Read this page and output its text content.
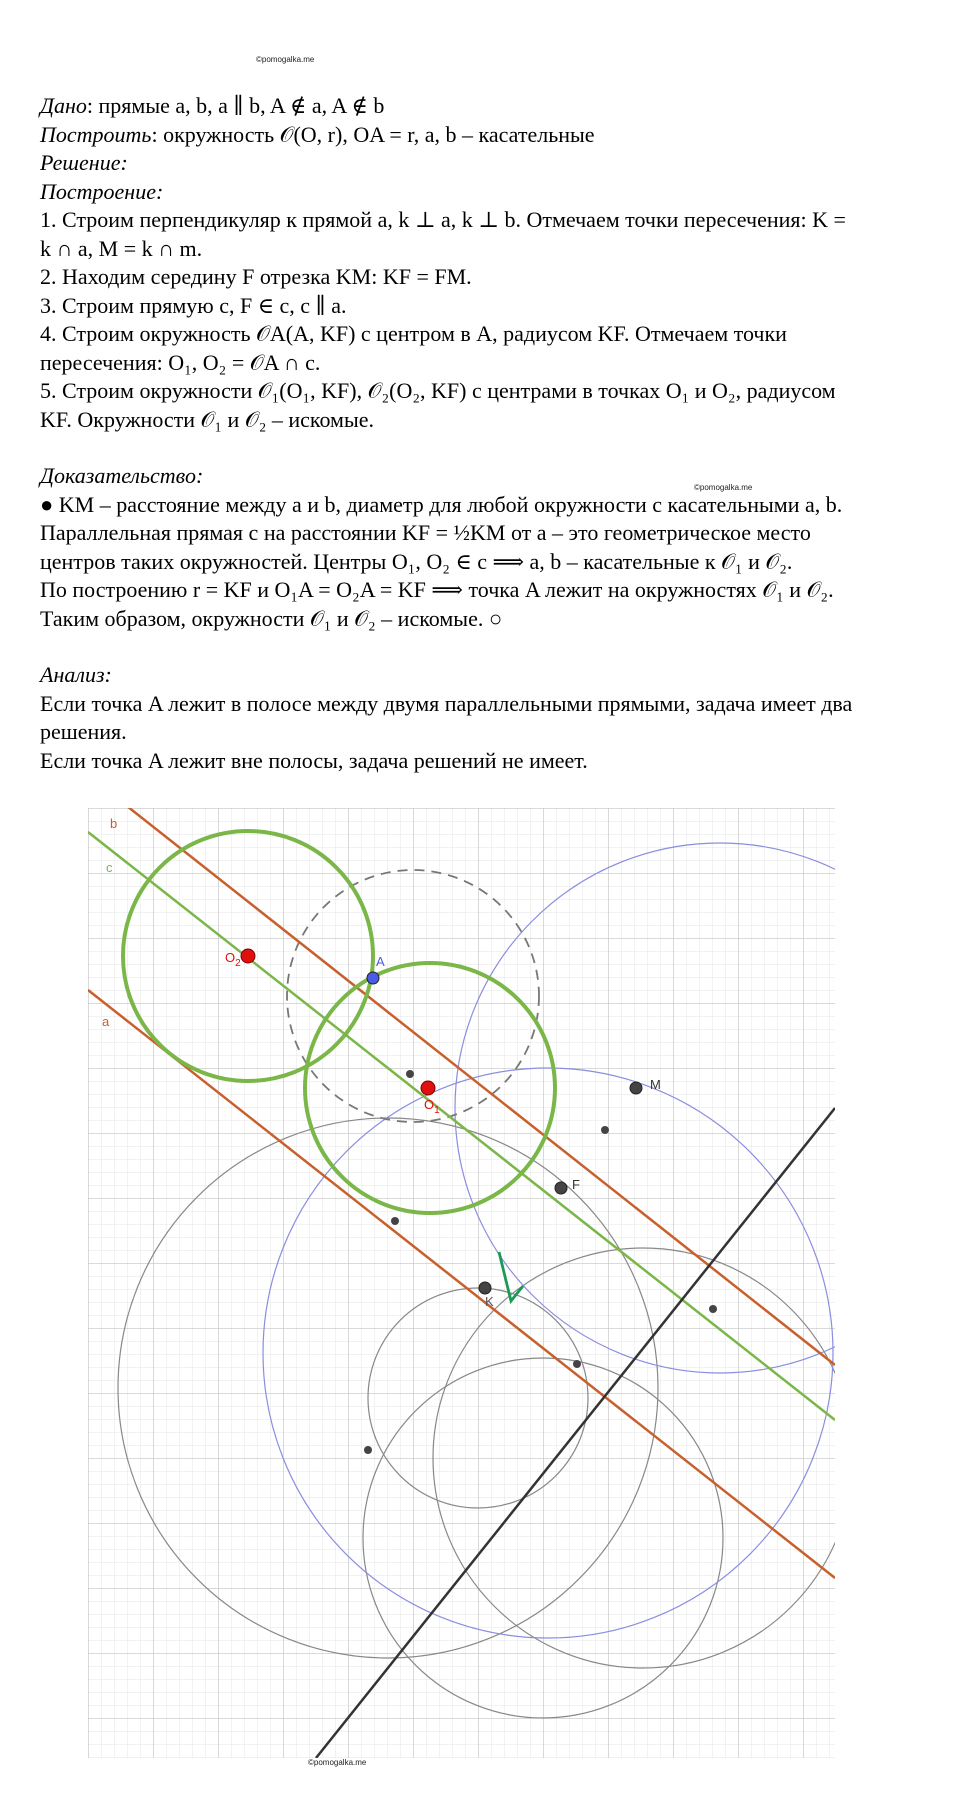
©pomogalka.me
©pomogalka.me
©pomogalka.me

Дано: прямые a, b, a ∥ b, A ∉ a, A ∉ b

Построить: окружность 𝒪(O, r), OA = r, a, b – касательные

Решение:

Построение:

1. Строим перпендикуляр к прямой a, k ⊥ a, k ⊥ b. Отмечаем точки пересечения: K =

k ∩ a, M = k ∩ m.

2. Находим середину F отрезка KM: KF = FM.

3. Строим прямую c, F ∈ c, c ∥ a.

4. Строим окружность 𝒪A(A, KF) с центром в A, радиусом KF. Отмечаем точки

пересечения: O₁, O₂ = 𝒪A ∩ c.

5. Строим окружности 𝒪₁(O₁, KF), 𝒪₂(O₂, KF) с центрами в точках O₁ и O₂, радиусом

KF. Окружности 𝒪₁ и 𝒪₂ – искомые.

Доказательство:

● KM – расстояние между a и b, диаметр для любой окружности с касательными a, b.

Параллельная прямая c на расстоянии KF = ½KM от a – это геометрическое место

центров таких окружностей. Центры O₁, O₂ ∈ c ⟹ a, b – касательные к 𝒪₁ и 𝒪₂.

По построению r = KF и O₁A = O₂A = KF ⟹ точка A лежит на окружностях 𝒪₁ и 𝒪₂.

Таким образом, окружности 𝒪₁ и 𝒪₂ – искомые. ○

Анализ:

Если точка A лежит в полосе между двумя параллельными прямыми, задача имеет два

решения.

Если точка A лежит вне полосы, задача решений не имеет.

b
c
a
A
$O_2$
$O_1$
M
F
K
